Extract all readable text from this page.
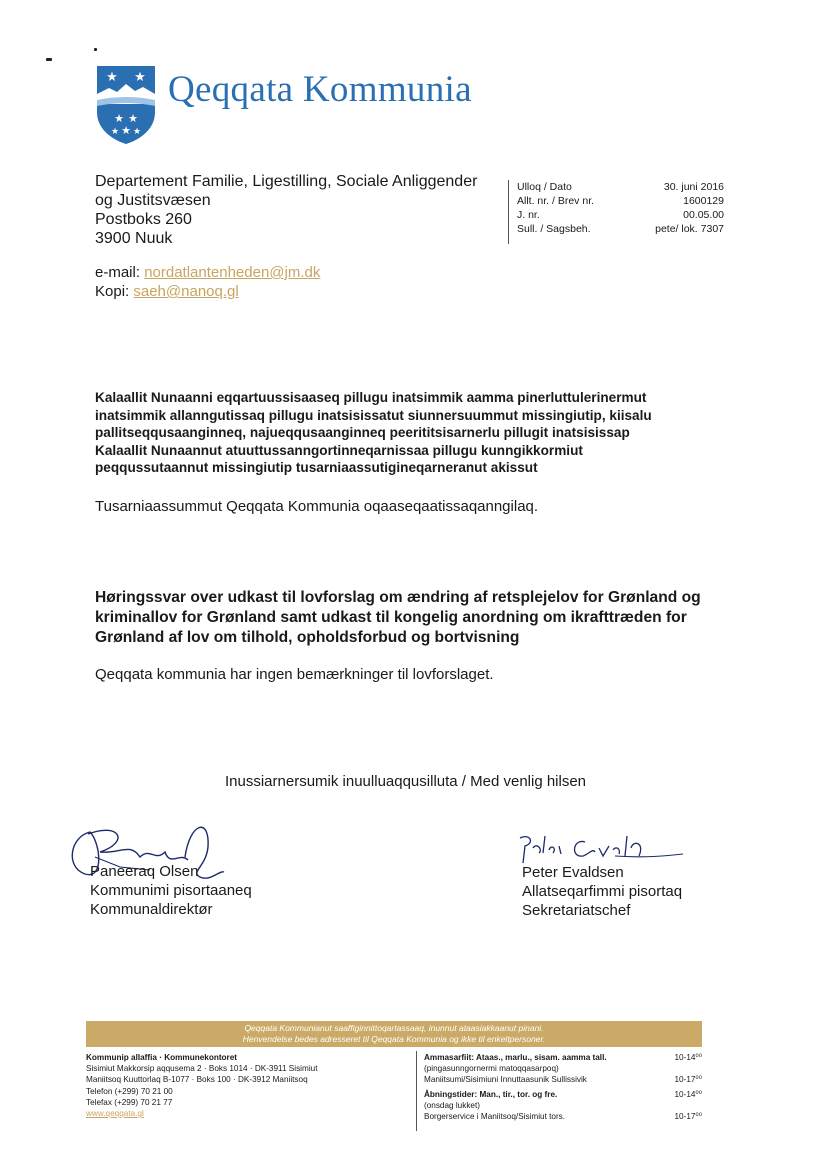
★ ★
★ ★
★
★ ★
Qeqqata Kommunia
Departement Familie, Ligestilling, Sociale Anliggender
og Justitsvæsen
Postboks 260
3900 Nuuk
Ulloq / Dato	30. juni 2016
Allt. nr. / Brev nr.	1600129
J. nr.	00.05.00
Sull. / Sagsbeh.	pete/ lok. 7307
e-mail: nordatlantenheden@jm.dk
Kopi: saeh@nanoq.gl
Kalaallit Nunaanni eqqartuussisaaseq pillugu inatsimmik aamma pinerluttulerinermut
inatsimmik allanngutissaq pillugu inatsisissatut siunnersuummut missingiutip, kiisalu
pallitseqqusaanginneq, najueqqusaanginneq peerititsisarnerlu pillugit inatsisissap
Kalaallit Nunaannut atuuttussanngortinneqarnissaa pillugu kunngikkormiut
peqqussutaannut missingiutip tusarniaassutigineqarneranut akissut
Tusarniaassummut Qeqqata Kommunia oqaaseqaatissaqanngilaq.
Høringssvar over udkast til lovforslag om ændring af retsplejelov for Grønland og
kriminallov for Grønland samt udkast til kongelig anordning om ikrafttræden for
Grønland af lov om tilhold, opholdsforbud og bortvisning
Qeqqata kommunia har ingen bemærkninger til lovforslaget.
Inussiarnersumik inuulluaqqusilluta / Med venlig hilsen
Paneeraq Olsen
Kommunimi pisortaaneq
Kommunaldirektør
Peter Evaldsen
Allatseqarfimmi pisortaq
Sekretariatschef
Qeqqata Kommunianut saaffiginnittoqartassaaq, inunnut ataasiakkaanut pinani.
Henvendelse bedes adresseret til Qeqqata Kommunia og ikke til enkeltpersoner.
Kommunip allaffia · Kommunekontoret
Sisimiut Makkorsip aqqusema 2 · Boks 1014 · DK-3911 Sisimiut
Maniitsoq Kuuttorlaq B-1077 · Boks 100 · DK-3912 Maniitsoq
Telefon (+299) 70 21 00
Telefax (+299) 70 21 77
www.qeqqata.gl
Ammasarfiit: Ataas., marlu., sisam. aamma tall.	10-14⁰⁰
(pingasunngornermi matoqqasarpoq)
Maniitsumi/Sisimiuni Innuttaasunik Sullissivik	10-17⁰⁰
Åbningstider: Man., tir., tor. og fre.	10-14⁰⁰
(onsdag lukket)
Borgerservice i Maniitsoq/Sisimiut tors.	10-17⁰⁰
